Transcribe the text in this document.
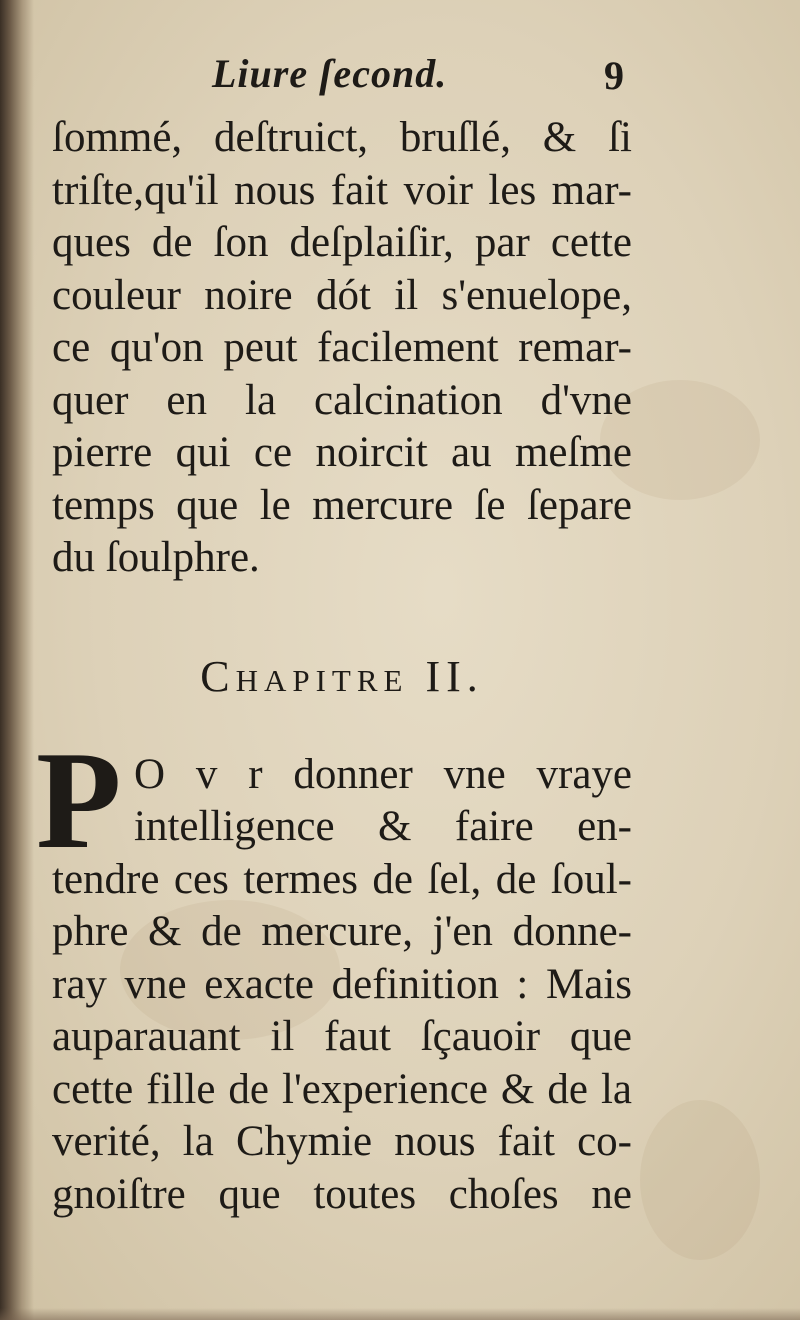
Liure ſecond.	9
ſommé, deſtruict, bruſlé, & ſi
triſte,qu'il nous fait voir les mar-
ques de ſon deſplaiſir, par cette
couleur noire dót il s'enuelope,
ce qu'on peut facilement remar-
quer en la calcination d'vne
pierre qui ce noircit au meſme
temps que le mercure ſe ſepare
du ſoulphre.
Chapitre II.
P O v r donner vne vraye
intelligence & faire en-
tendre ces termes de ſel, de ſoul-
phre & de mercure, j'en donne-
ray vne exacte definition : Mais
auparauant il faut ſçauoir que
cette fille de l'experience & de la
verité, la Chymie nous fait co-
gnoiſtre que toutes choſes ne
